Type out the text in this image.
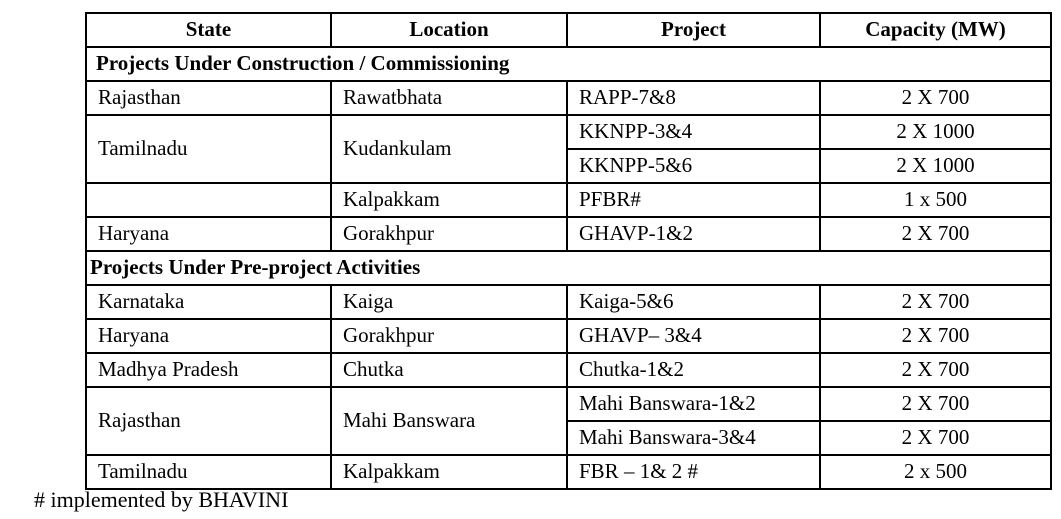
State	Location	Project	Capacity (MW)
Projects Under Construction / Commissioning			
Rajasthan	Rawatbhata	RAPP-7&8	2 X 700
Tamilnadu	Kudankulam	KKNPP-3&4	2 X 1000
		KKNPP-5&6	2 X 1000
	Kalpakkam	PFBR#	1 x 500
Haryana	Gorakhpur	GHAVP-1&2	2 X 700
Projects Under Pre-project Activities			
Karnataka	Kaiga	Kaiga-5&6	2 X 700
Haryana	Gorakhpur	GHAVP– 3&4	2 X 700
Madhya Pradesh	Chutka	Chutka-1&2	2 X 700
Rajasthan	Mahi Banswara	Mahi Banswara-1&2	2 X 700
		Mahi Banswara-3&4	2 X 700
Tamilnadu	Kalpakkam	FBR – 1& 2 #	2 x 500
# implemented by BHAVINI
